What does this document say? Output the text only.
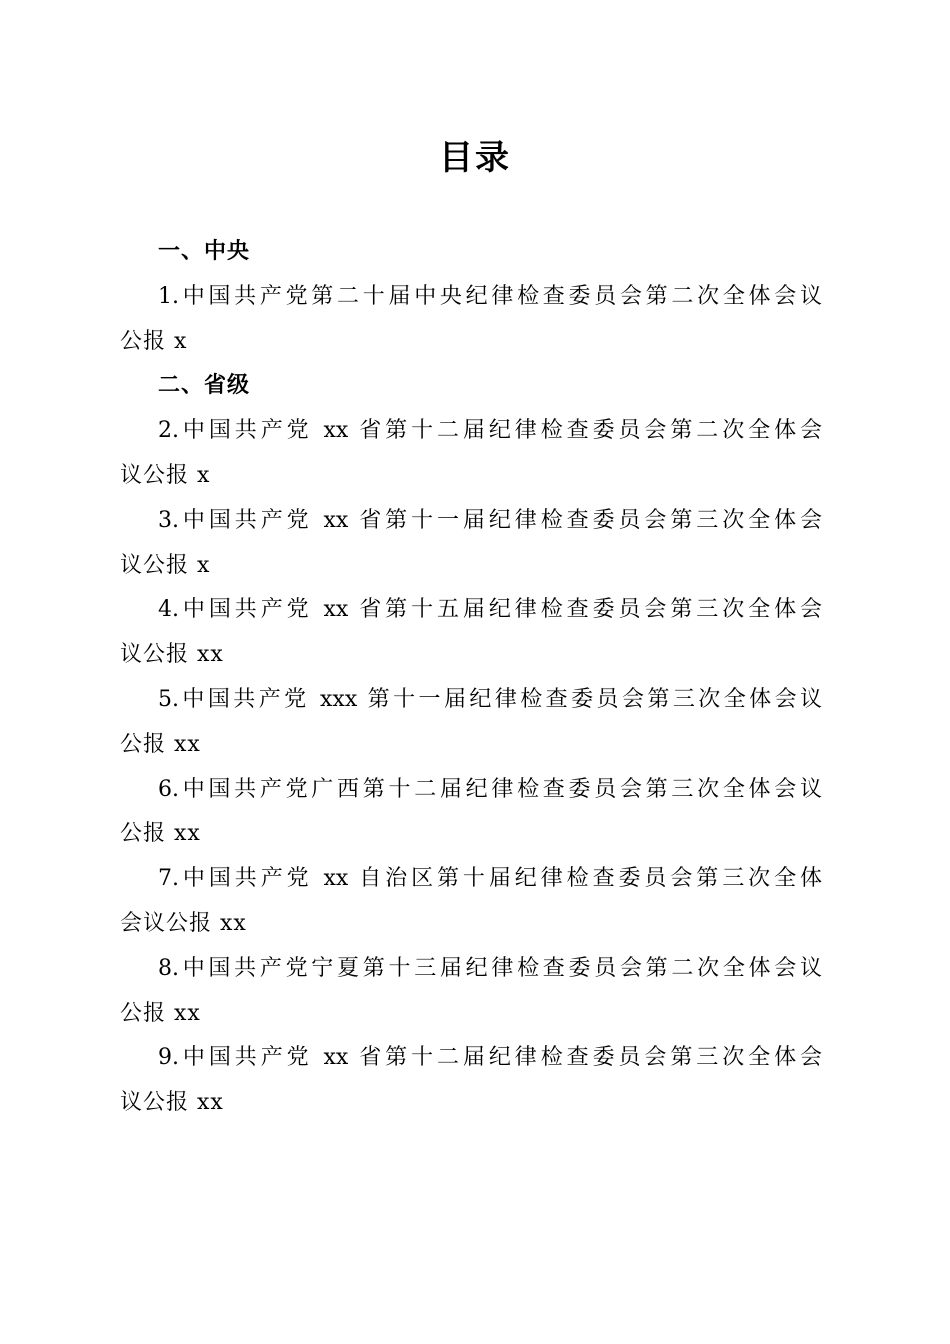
目录
一、中央
1.中国共产党第二十届中央纪律检查委员会第二次全体会议
公报 x
二、省级
2.中国共产党 xx 省第十二届纪律检查委员会第二次全体会
议公报 x
3.中国共产党 xx 省第十一届纪律检查委员会第三次全体会
议公报 x
4.中国共产党 xx 省第十五届纪律检查委员会第三次全体会
议公报 xx
5.中国共产党 xxx 第十一届纪律检查委员会第三次全体会议
公报 xx
6.中国共产党广西第十二届纪律检查委员会第三次全体会议
公报 xx
7.中国共产党 xx 自治区第十届纪律检查委员会第三次全体
会议公报 xx
8.中国共产党宁夏第十三届纪律检查委员会第二次全体会议
公报 xx
9.中国共产党 xx 省第十二届纪律检查委员会第三次全体会
议公报 xx
